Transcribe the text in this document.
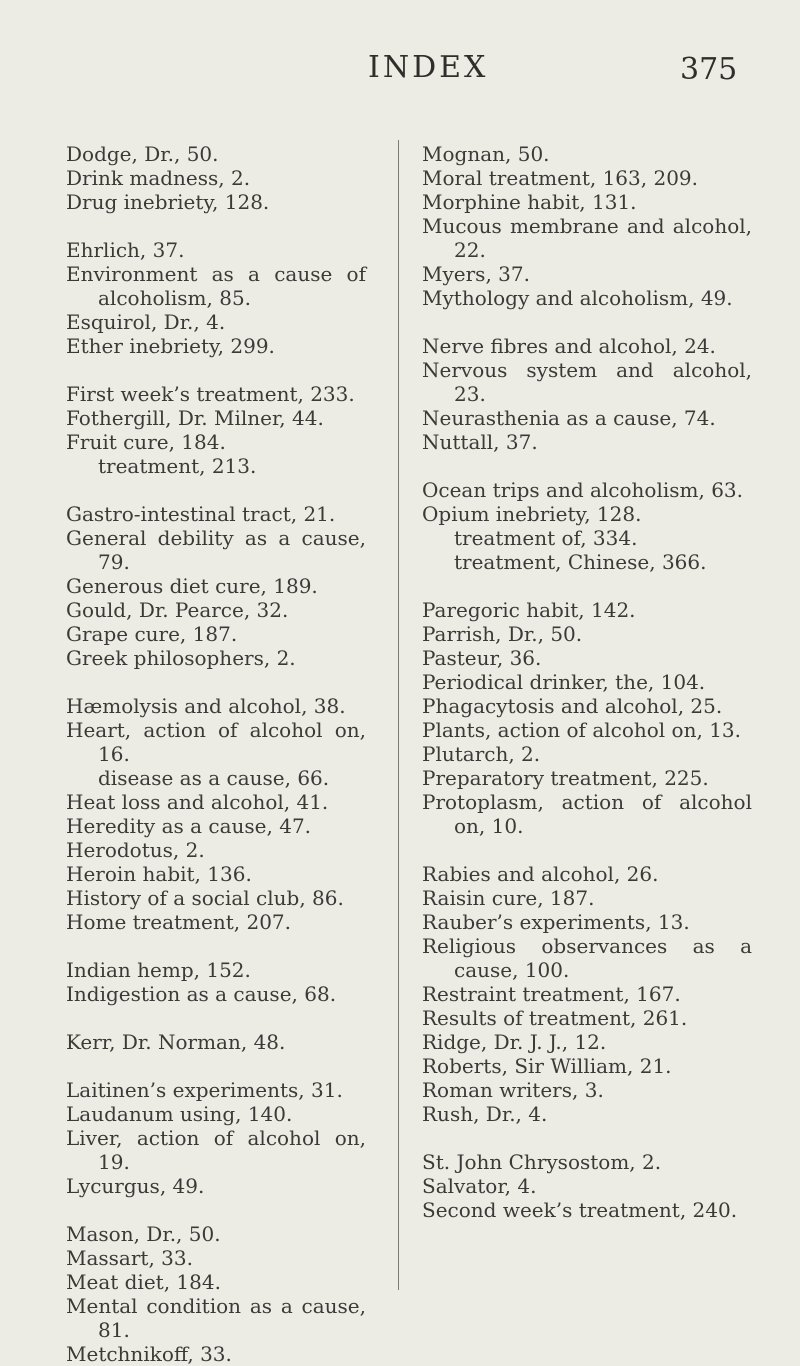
INDEX	375
Dodge, Dr., 50.
Drink madness, 2.
Drug inebriety, 128.
Ehrlich, 37.
Environment as a cause of alcoholism, 85.
Esquirol, Dr., 4.
Ether inebriety, 299.
First week’s treatment, 233.
Fothergill, Dr. Milner, 44.
Fruit cure, 184.
treatment, 213.
Gastro-intestinal tract, 21.
General debility as a cause, 79.
Generous diet cure, 189.
Gould, Dr. Pearce, 32.
Grape cure, 187.
Greek philosophers, 2.
Hæmolysis and alcohol, 38.
Heart, action of alcohol on, 16.
disease as a cause, 66.
Heat loss and alcohol, 41.
Heredity as a cause, 47.
Herodotus, 2.
Heroin habit, 136.
History of a social club, 86.
Home treatment, 207.
Indian hemp, 152.
Indigestion as a cause, 68.
Kerr, Dr. Norman, 48.
Laitinen’s experiments, 31.
Laudanum using, 140.
Liver, action of alcohol on, 19.
Lycurgus, 49.
Mason, Dr., 50.
Massart, 33.
Meat diet, 184.
Mental condition as a cause, 81.
Metchnikoff, 33.
Mognan, 50.
Moral treatment, 163, 209.
Morphine habit, 131.
Mucous membrane and alcohol, 22.
Myers, 37.
Mythology and alcoholism, 49.
Nerve fibres and alcohol, 24.
Nervous system and alcohol, 23.
Neurasthenia as a cause, 74.
Nuttall, 37.
Ocean trips and alcoholism, 63.
Opium inebriety, 128.
treatment of, 334.
treatment, Chinese, 366.
Paregoric habit, 142.
Parrish, Dr., 50.
Pasteur, 36.
Periodical drinker, the, 104.
Phagacytosis and alcohol, 25.
Plants, action of alcohol on, 13.
Plutarch, 2.
Preparatory treatment, 225.
Protoplasm, action of alcohol on, 10.
Rabies and alcohol, 26.
Raisin cure, 187.
Rauber’s experiments, 13.
Religious observances as a cause, 100.
Restraint treatment, 167.
Results of treatment, 261.
Ridge, Dr. J. J., 12.
Roberts, Sir William, 21.
Roman writers, 3.
Rush, Dr., 4.
St. John Chrysostom, 2.
Salvator, 4.
Second week’s treatment, 240.
